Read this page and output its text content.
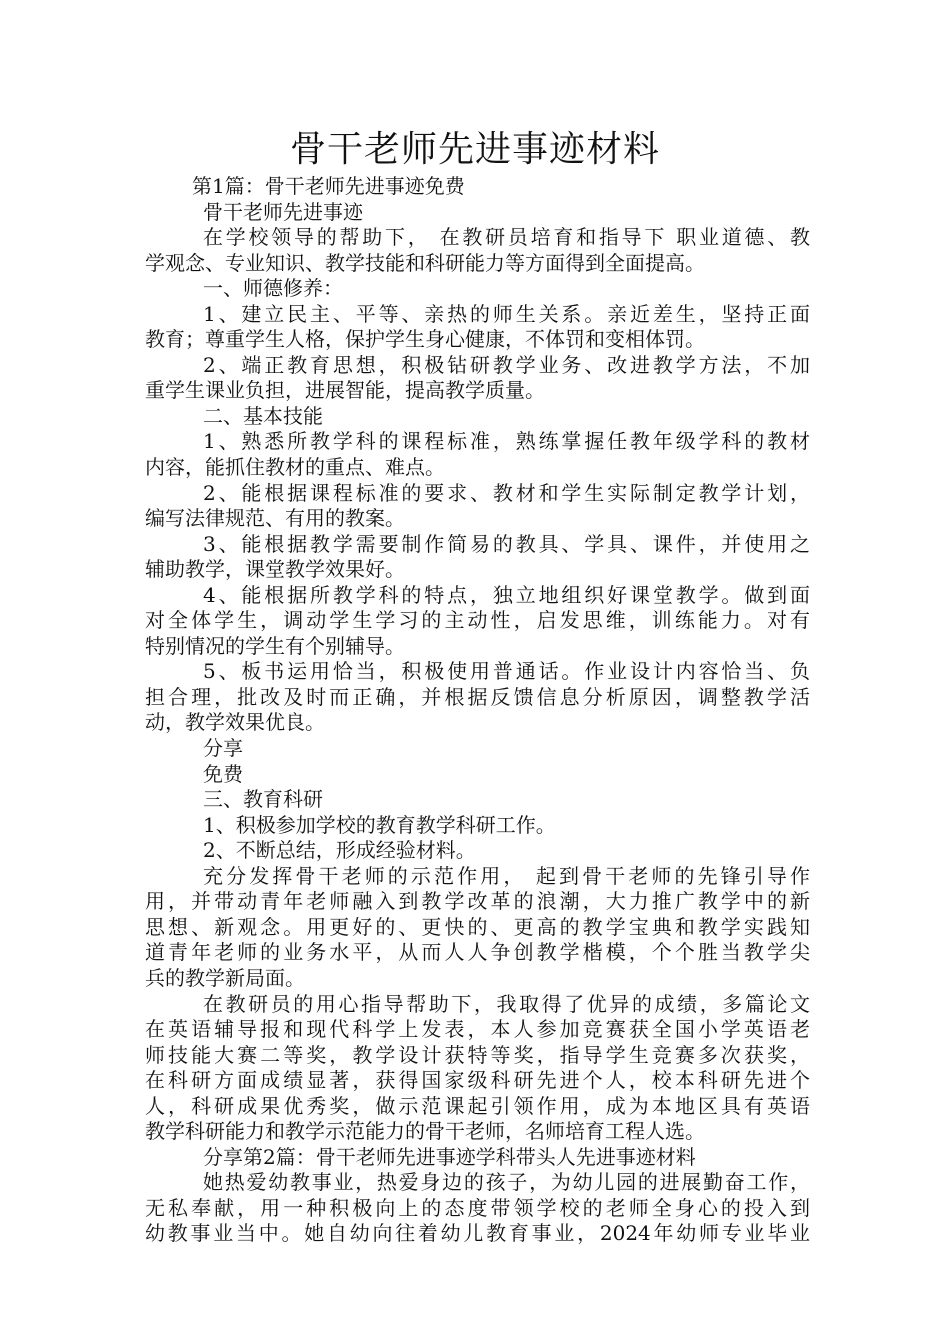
骨干老师先进事迹材料
第1篇：骨干老师先进事迹免费
骨干老师先进事迹
在学校领导的帮助下， 在教研员培育和指导下 职业道德、教
学观念、专业知识、教学技能和科研能力等方面得到全面提高。
一、师德修养：
1、建立民主、平等、亲热的师生关系。亲近差生，坚持正面
教育；尊重学生人格，保护学生身心健康，不体罚和变相体罚。
2、端正教育思想，积极钻研教学业务、改进教学方法，不加
重学生课业负担，进展智能，提高教学质量。
二、基本技能
1、熟悉所教学科的课程标准，熟练掌握任教年级学科的教材
内容，能抓住教材的重点、难点。
2、能根据课程标准的要求、教材和学生实际制定教学计划，
编写法律规范、有用的教案。
3、能根据教学需要制作简易的教具、学具、课件，并使用之
辅助教学，课堂教学效果好。
4、能根据所教学科的特点，独立地组织好课堂教学。做到面
对全体学生，调动学生学习的主动性，启发思维，训练能力。对有
特别情况的学生有个别辅导。
5、板书运用恰当，积极使用普通话。作业设计内容恰当、负
担合理，批改及时而正确，并根据反馈信息分析原因，调整教学活
动，教学效果优良。
分享
免费
三、教育科研
1、积极参加学校的教育教学科研工作。
2、不断总结，形成经验材料。
充分发挥骨干老师的示范作用， 起到骨干老师的先锋引导作
用，并带动青年老师融入到教学改革的浪潮，大力推广教学中的新
思想、新观念。用更好的、更快的、更高的教学宝典和教学实践知
道青年老师的业务水平，从而人人争创教学楷模，个个胜当教学尖
兵的教学新局面。
在教研员的用心指导帮助下，我取得了优异的成绩，多篇论文
在英语辅导报和现代科学上发表，本人参加竞赛获全国小学英语老
师技能大赛二等奖，教学设计获特等奖，指导学生竞赛多次获奖，
在科研方面成绩显著，获得国家级科研先进个人，校本科研先进个
人，科研成果优秀奖，做示范课起引领作用，成为本地区具有英语
教学科研能力和教学示范能力的骨干老师，名师培育工程人选。
分享第2篇：骨干老师先进事迹学科带头人先进事迹材料
她热爱幼教事业，热爱身边的孩子，为幼儿园的进展勤奋工作，
无私奉献，用一种积极向上的态度带领学校的老师全身心的投入到
幼教事业当中。她自幼向往着幼儿教育事业，2024年幼师专业毕业
